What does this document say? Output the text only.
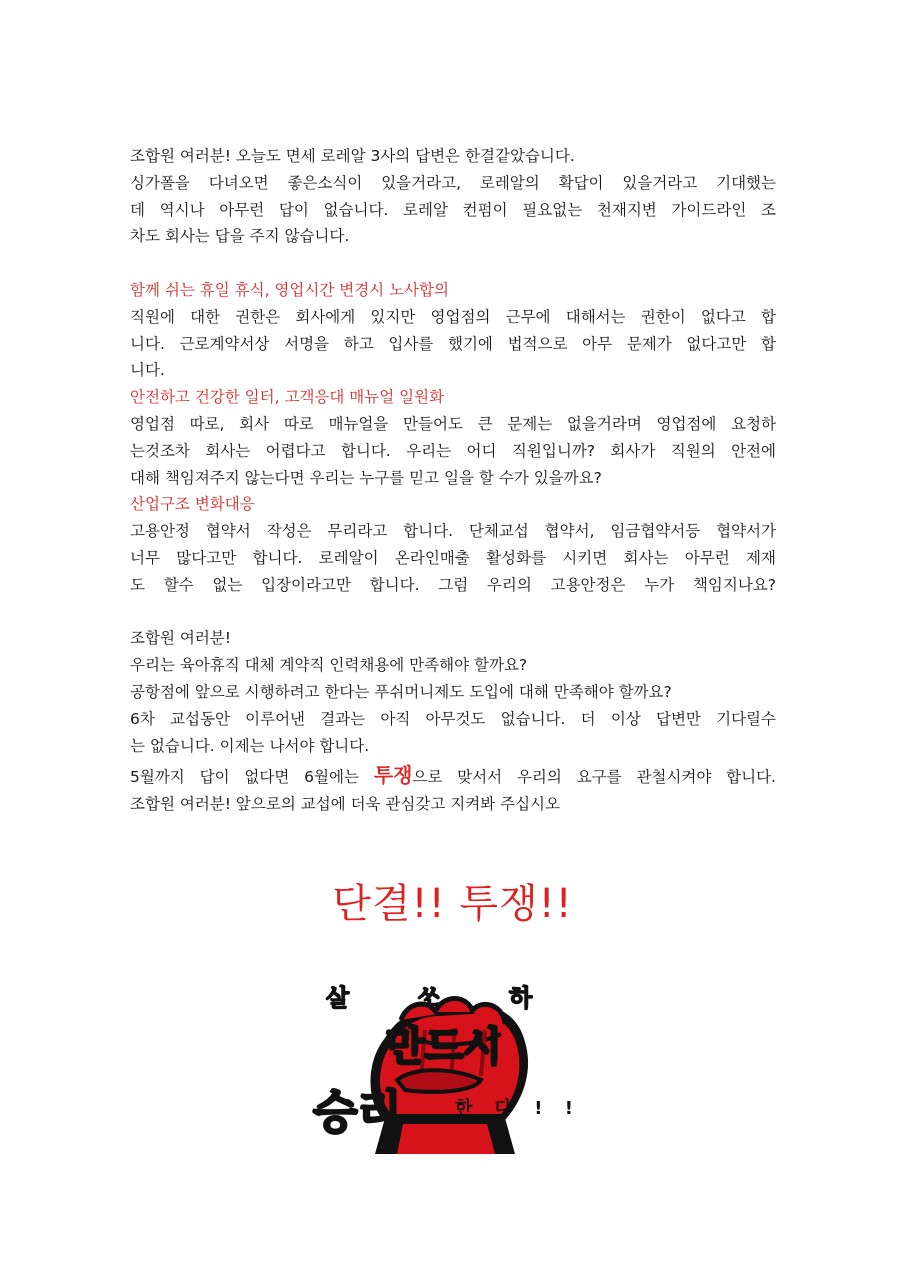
조합원 여러분! 오늘도 면세 로레알 3사의 답변은 한결같았습니다.
싱가폴을 다녀오면 좋은소식이 있을거라고, 로레알의 확답이 있을거라고 기대했는
데 역시나 아무런 답이 없습니다. 로레알 컨펌이 필요없는 천재지변 가이드라인 조
차도 회사는 답을 주지 않습니다.
함께 쉬는 휴일 휴식, 영업시간 변경시 노사합의
직원에 대한 권한은 회사에게 있지만 영업점의 근무에 대해서는 권한이 없다고 합
니다. 근로계약서상 서명을 하고 입사를 했기에 법적으로 아무 문제가 없다고만 합
니다.
안전하고 건강한 일터, 고객응대 매뉴얼 일원화
영업점 따로, 회사 따로 매뉴얼을 만들어도 큰 문제는 없을거라며 영업점에 요청하
는것조차 회사는 어렵다고 합니다. 우리는 어디 직원입니까? 회사가 직원의 안전에
대해 책임져주지 않는다면 우리는 누구를 믿고 일을 할 수가 있을까요?
산업구조 변화대응
고용안정 협약서 작성은 무리라고 합니다. 단체교섭 협약서, 임금협약서등 협약서가
너무 많다고만 합니다. 로레알이 온라인매출 활성화를 시키면 회사는 아무런 제재
도 할수 없는 입장이라고만 합니다. 그럼 우리의 고용안정은 누가 책임지나요?
조합원 여러분!
우리는 육아휴직 대체 계약직 인력채용에 만족해야 할까요?
공항점에 앞으로 시행하려고 한다는 푸쉬머니제도 도입에 대해 만족해야 할까요?
6차 교섭동안 이루어낸 결과는 아직 아무것도 없습니다. 더 이상 답변만 기다릴수
는 없습니다. 이제는 나서야 합니다.
5월까지 답이 없다면 6월에는 투쟁으로 맞서서 우리의 요구를 관철시켜야 합니다.
조합원 여러분! 앞으로의 교섭에 더욱 관심갖고 지켜봐 주십시오
단결!! 투쟁!!
살 쏘 하
만드시
승리	한 다 ! !
